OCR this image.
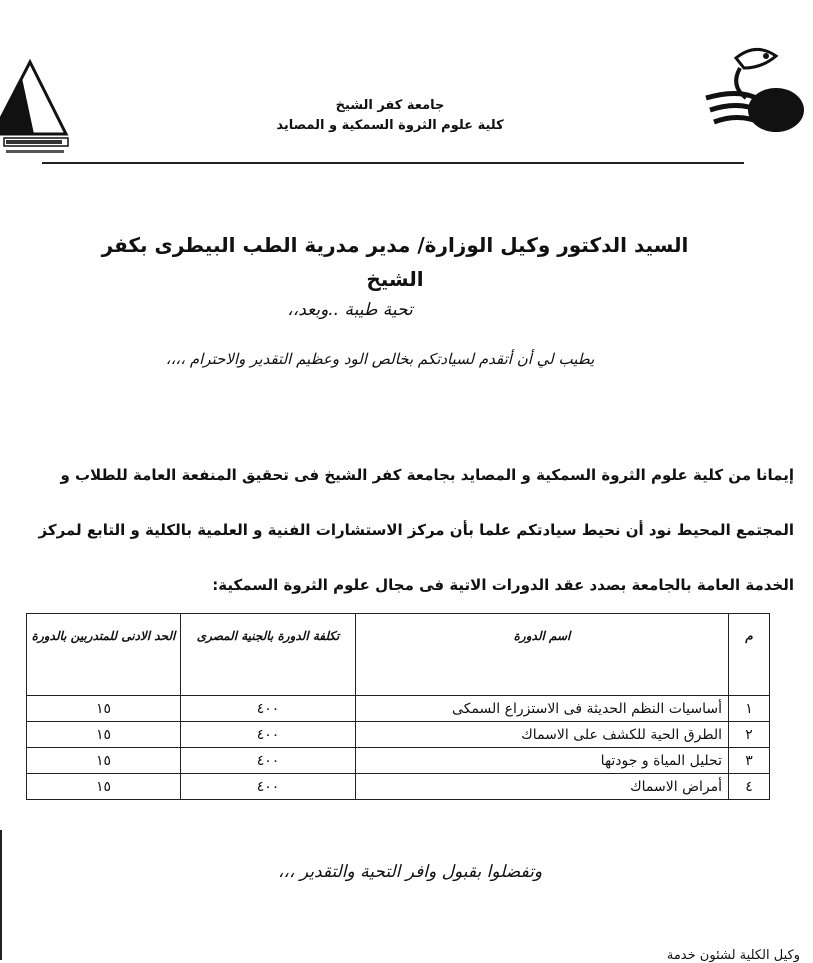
جامعة كفر الشيخ
كلية علوم الثروة السمكية و المصايد
السيد الدكتور وكيل الوزارة/ مدير مدرية الطب البيطرى بكفر الشيخ
تحية طيبة ..وبعد،،
يطيب لي أن أتقدم لسيادتكم بخالص الود وعظيم التقدير والاحترام ،،،،

إيمانا من كلية علوم الثروة السمكية و المصايد بجامعة كفر الشيخ فى تحقيق المنفعة العامة للطلاب و

المجتمع المحيط نود أن نحيط سيادتكم علما بأن مركز الاستشارات الفنية و العلمية بالكلية و التابع لمركز

الخدمة العامة بالجامعة بصدد عقد الدورات الاتية فى مجال علوم الثروة السمكية:

م	اسم الدورة	تكلفة الدورة بالجنية المصرى	الحد الادنى للمتدربين بالدورة
١	أساسيات النظم الحديثة فى الاستزراع السمكى	٤٠٠	١٥
٢	الطرق الحية للكشف على الاسماك	٤٠٠	١٥
٣	تحليل المياة و جودتها	٤٠٠	١٥
٤	أمراض الاسماك	٤٠٠	١٥
وتفضلوا بقبول وافر التحية والتقدير ،،،
وكيل الكلية لشئون خدمة
